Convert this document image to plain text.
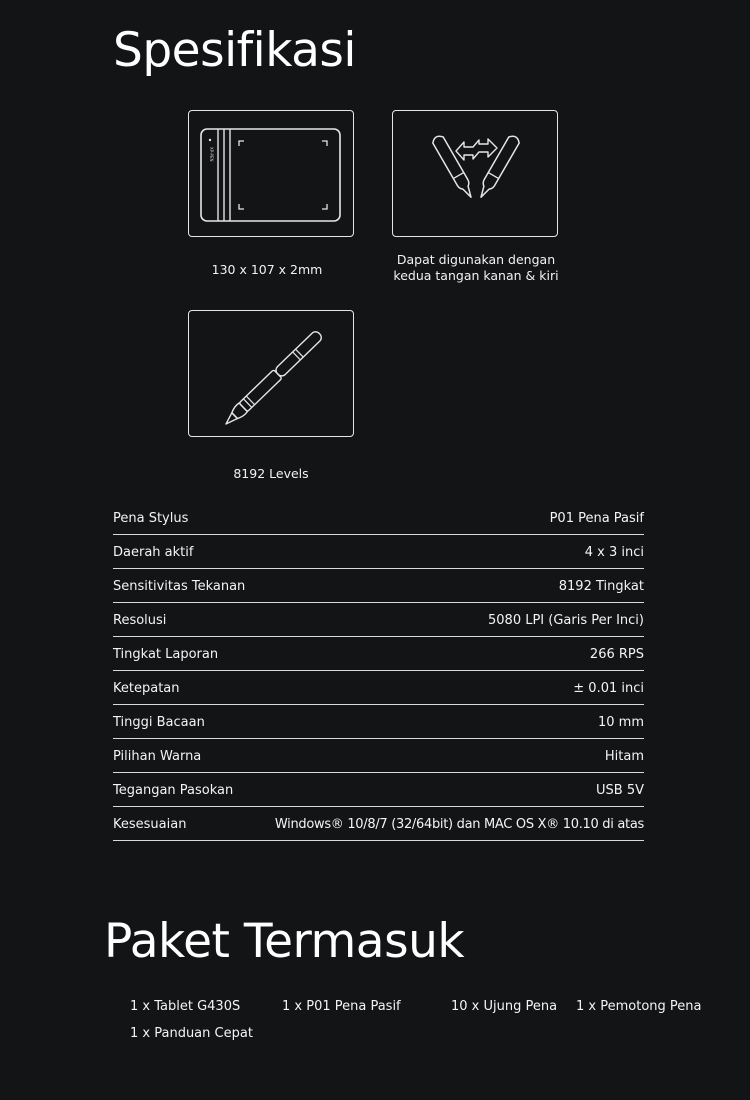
Spesifikasi
XP-PEN
130 x 107 x 2mm
Dapat digunakan dengan
kedua tangan kanan & kiri
8192 Levels
Pena Stylus	P01 Pena Pasif
Daerah aktif	4 x 3 inci
Sensitivitas Tekanan	8192 Tingkat
Resolusi	5080 LPI (Garis Per Inci)
Tingkat Laporan	266 RPS
Ketepatan	± 0.01 inci
Tinggi Bacaan	10 mm
Pilihan Warna	Hitam
Tegangan Pasokan	USB 5V
Kesesuaian	Windows® 10/8/7 (32/64bit) dan MAC OS X® 10.10 di atas
Paket Termasuk
1 x Tablet G430S	1 x P01 Pena Pasif	10 x Ujung Pena 1 x Pemotong Pena
1 x Panduan Cepat
